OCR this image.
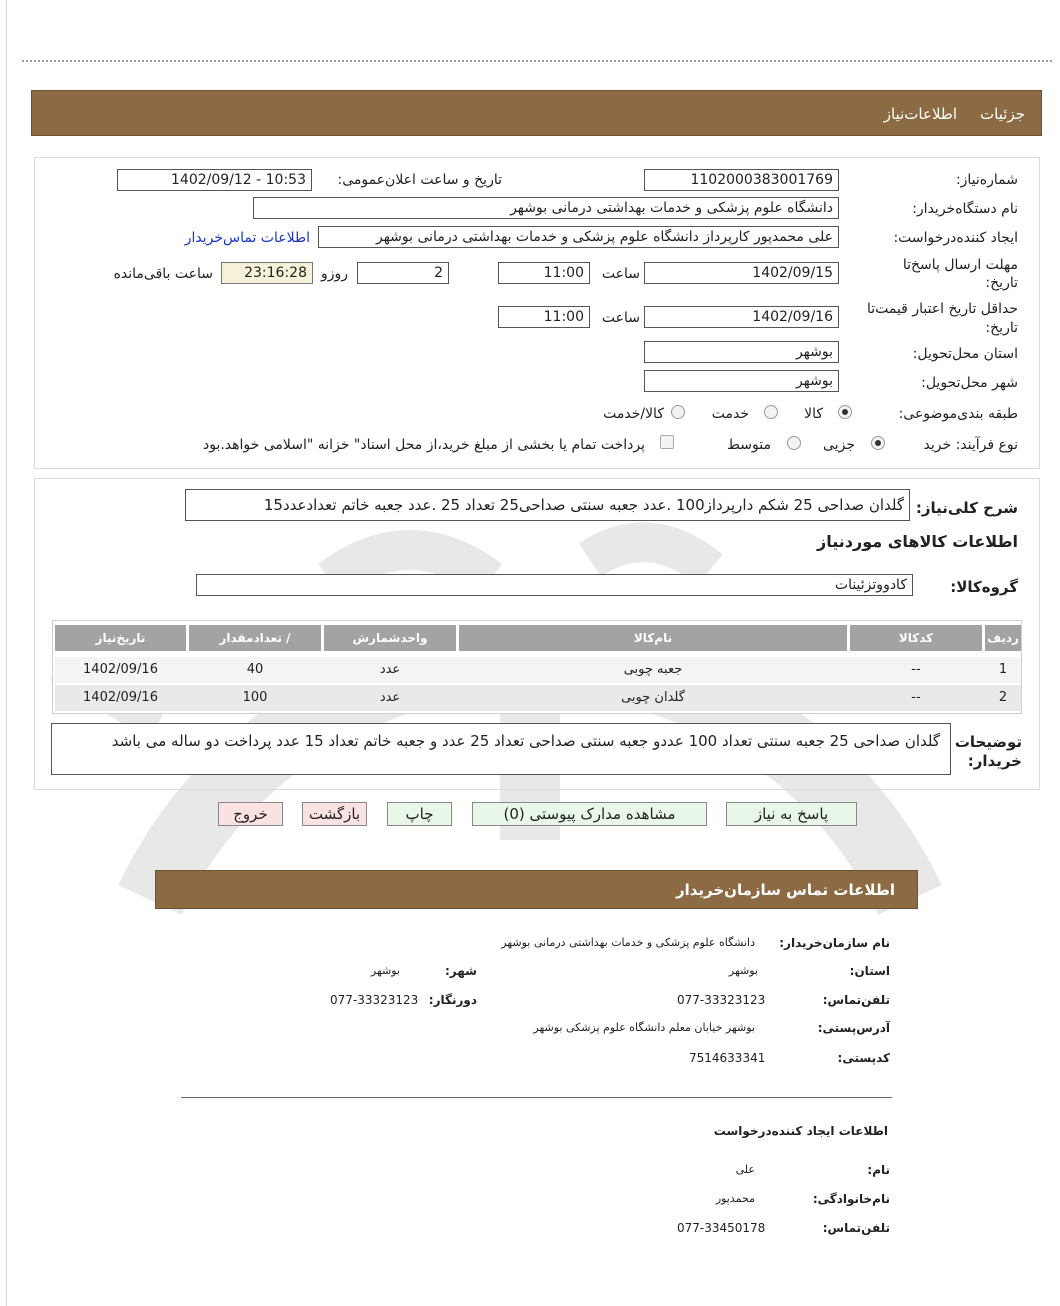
جزئیات
اطلاعات‌نیاز
شماره‌نیاز:
1102000383001769
تاریخ و ساعت اعلان‌عمومی:
1402/09/12 - 10:53
نام دستگاه‌خریدار:
دانشگاه علوم پزشکی و خدمات بهداشتی درمانی بوشهر
ایجاد کننده‌درخواست:
علی محمدپور کارپرداز دانشگاه علوم پزشکی و خدمات بهداشتی درمانی بوشهر
اطلاعات تماس‌خریدار
مهلت ارسال پاسخ‌تا
تاریخ:
1402/09/15
ساعت
11:00
2
روزو
23:16:28
ساعت باقی‌مانده
حداقل تاریخ اعتبار قیمت‌تا
تاریخ:
1402/09/16
ساعت
11:00
استان محل‌تحویل:
بوشهر
شهر محل‌تحویل:
بوشهر
طبقه بندی‌موضوعی:
کالا
خدمت
کالا/خدمت
نوع فرآیند: خرید
جزیی
متوسط
پرداخت تمام یا بخشی از مبلغ خرید،از محل اسناد" خزانه "اسلامی خواهد.بود
شرح کلی‌نیاز:
گلدان صداحی 25 شکم دارپرداز100 .عدد جعبه سنتی صداحی25 تعداد 25 .عدد جعبه خاتم تعدادعدد15
اطلاعات کالاهای موردنیاز
گروه‌کالا:
کادووتزئینات
ردیف
کدکالا
نام‌کالا
واحدشمارش
تعدادمقدار /
تاریخ‌نیاز
1
--
جعبه چوبی
عدد
40
1402/09/16
2
--
گلدان چوبی
عدد
100
1402/09/16
توضیحات
خریدار:
گلدان صداحی 25 جعبه سنتی تعداد 100 عددو جعبه سنتی صداحی تعداد 25 عدد و جعبه خاتم تعداد 15 عدد پرداخت دو ساله می باشد
پاسخ به نیاز
مشاهده مدارک پیوستی (0)
چاپ
بازگشت
خروج
اطلاعات تماس سازمان‌خریدار
نام سازمان‌خریدار:
دانشگاه علوم پزشکی و خدمات بهداشتی درمانی بوشهر
استان:
بوشهر
شهر:
بوشهر
تلفن‌تماس:
077-33323123
دورنگار:
077-33323123
آدرس‌پستی:
بوشهر خیابان معلم دانشگاه علوم پزشکی بوشهر
کدپستی:
7514633341
اطلاعات ایجاد کننده‌درخواست
نام:
علی
نام‌خانوادگی:
محمدپور
تلفن‌تماس:
077-33450178
